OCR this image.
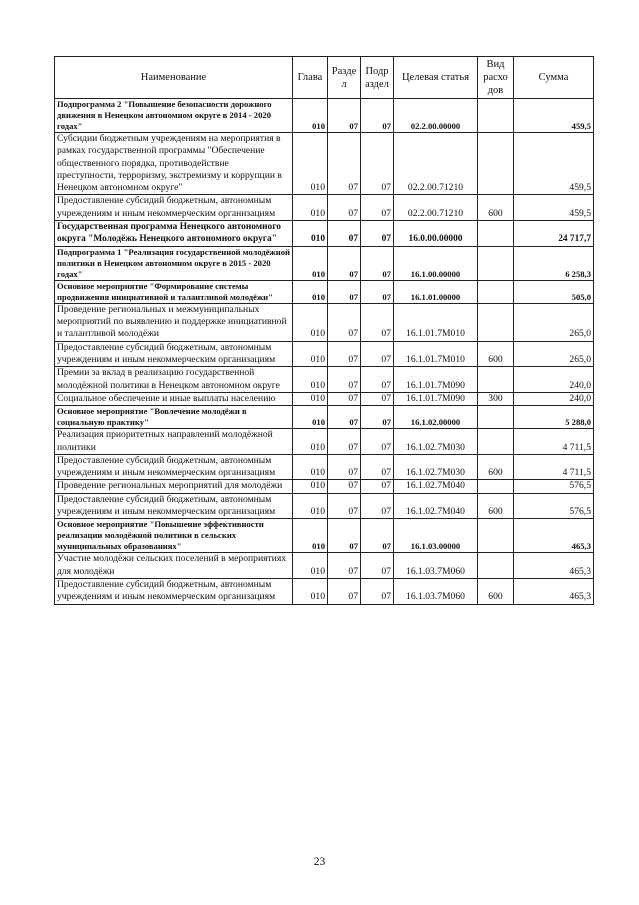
Наименование	Глава	Разде л	Подр аздел	Целевая статья	Вид расхо дов	Сумма
Подпрограмма 2 "Повышение безопасности дорожного движения в Ненецком автономном округе в 2014 - 2020 годах"	010	07	07	02.2.00.00000		459,5
Субсидии бюджетным учреждениям на мероприятия в рамках государственной программы "Обеспечение общественного порядка, противодействие преступности, терроризму, экстремизму и коррупции в Ненецком автономном округе"	010	07	07	02.2.00.71210		459,5
Предоставление субсидий бюджетным, автономным учреждениям и иным некоммерческим организациям	010	07	07	02.2.00.71210	600	459,5
Государственная программа Ненецкого автономного округа "Молодёжь Ненецкого автономного округа"	010	07	07	16.0.00.00000		24 717,7
Подпрограмма 1 "Реализация государственной молодёжной политики в Ненецком автономном округе в 2015 - 2020 годах"	010	07	07	16.1.00.00000		6 258,3
Основное мероприятие "Формирование системы продвижения инициативной и талантливой молодёжи"	010	07	07	16.1.01.00000		505,0
Проведение региональных и межмуниципальных мероприятий по выявлению и поддержке инициативной и талантливой молодёжи	010	07	07	16.1.01.7М010		265,0
Предоставление субсидий бюджетным, автономным учреждениям и иным некоммерческим организациям	010	07	07	16.1.01.7М010	600	265,0
Премии за вклад в реализацию государственной молодёжной политики в Ненецком автономном округе	010	07	07	16.1.01.7М090		240,0
Социальное обеспечение и иные выплаты населению	010	07	07	16.1.01.7М090	300	240,0
Основное мероприятие "Вовлечение молодёжи в социальную практику"	010	07	07	16.1.02.00000		5 288,0
Реализация приоритетных направлений молодёжной политики	010	07	07	16.1.02.7М030		4 711,5
Предоставление субсидий бюджетным, автономным учреждениям и иным некоммерческим организациям	010	07	07	16.1.02.7М030	600	4 711,5
Проведение региональных мероприятий для молодёжи	010	07	07	16.1.02.7М040		576,5
Предоставление субсидий бюджетным, автономным учреждениям и иным некоммерческим организациям	010	07	07	16.1.02.7М040	600	576,5
Основное мероприятие "Повышение эффективности реализации молодёжной политики в сельских муниципальных образованиях"	010	07	07	16.1.03.00000		465,3
Участие молодёжи сельских поселений в мероприятиях для молодёжи	010	07	07	16.1.03.7М060		465,3
Предоставление субсидий бюджетным, автономным учреждениям и иным некоммерческим организациям	010	07	07	16.1.03.7М060	600	465,3
23
